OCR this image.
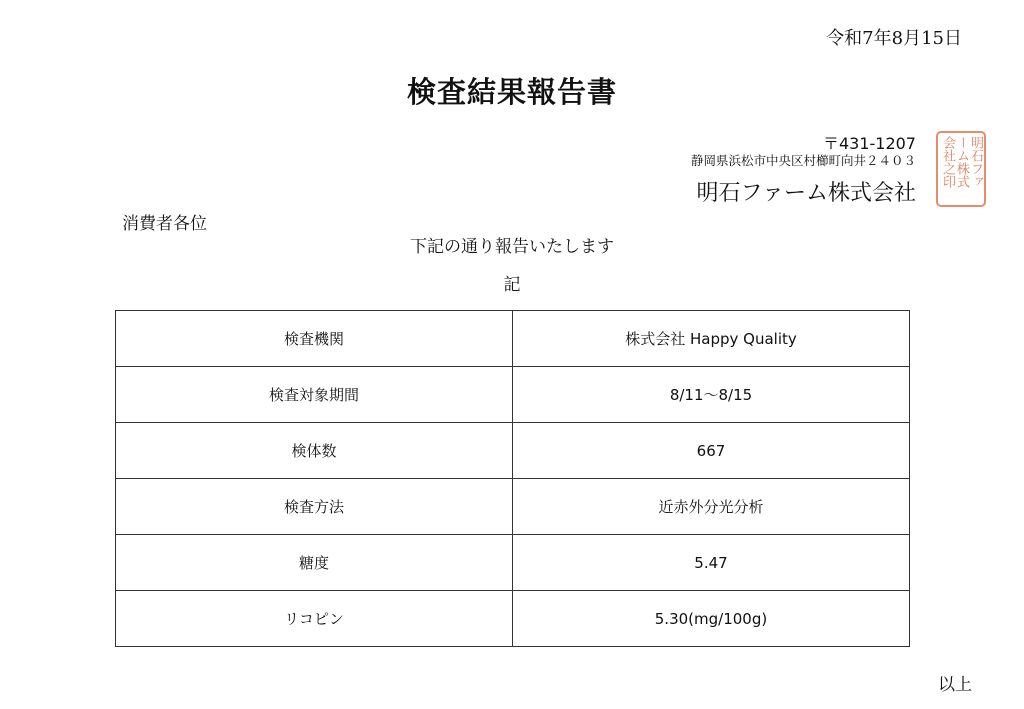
令和7年8月15日
検査結果報告書
〒431-1207
静岡県浜松市中央区村櫛町向井２４０３
明石ファーム株式会社
明石ファ
ーム株式
会社之印
消費者各位
下記の通り報告いたします
記
検査機関	株式会社 Happy Quality
検査対象期間	8/11～8/15
検体数	667
検査方法	近赤外分光分析
糖度	5.47
リコピン	5.30(mg/100g)
以上
